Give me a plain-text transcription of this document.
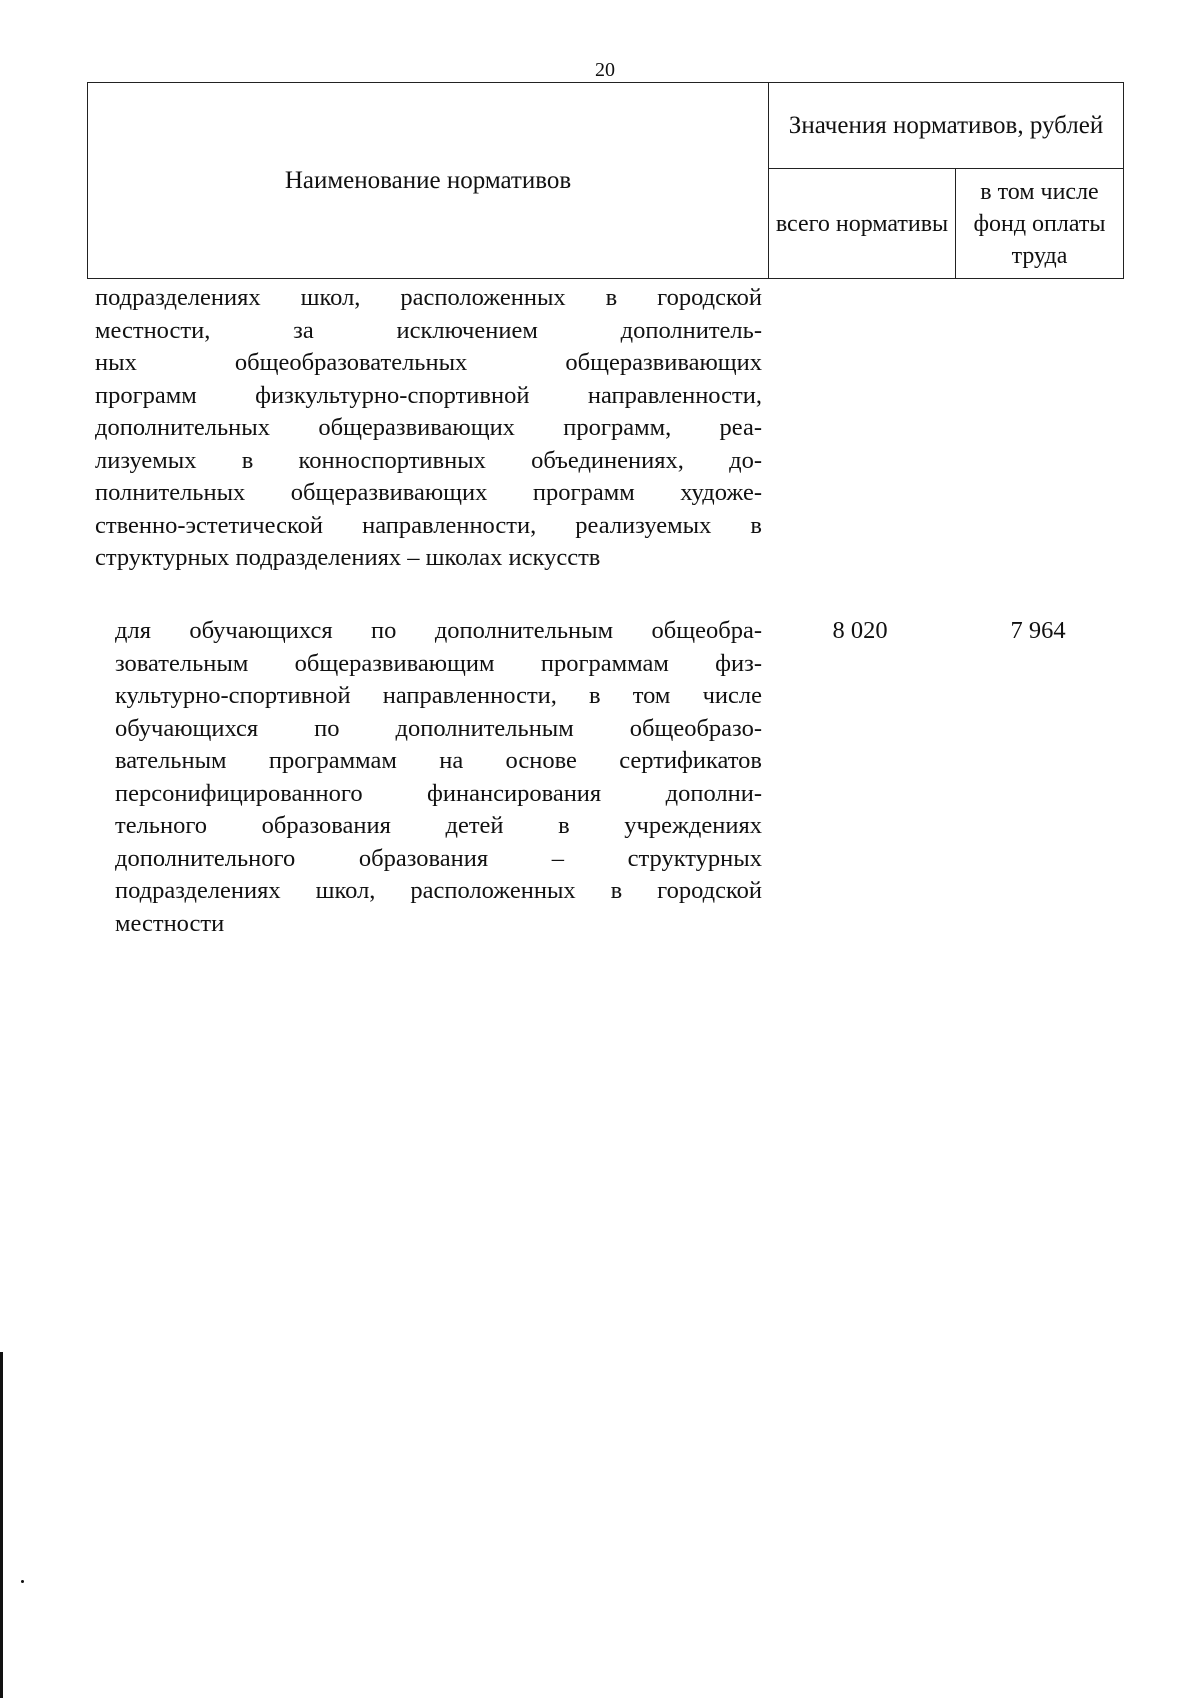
20
Наименование нормативов
Значения нормативов, рублей
всего нормативы
в том числе фонд оплаты труда
подразделениях школ, расположенных в городской
местности, за исключением дополнитель-
ных общеобразовательных общеразвивающих
программ физкультурно-спортивной направленности,
дополнительных общеразвивающих программ, реа-
лизуемых в конноспортивных объединениях, до-
полнительных общеразвивающих программ художе-
ственно-эстетической направленности, реализуемых в
структурных подразделениях – школах искусств
для обучающихся по дополнительным общеобра-
зовательным общеразвивающим программам физ-
культурно-спортивной направленности, в том числе
обучающихся по дополнительным общеобразо-
вательным программам на основе сертификатов
персонифицированного финансирования дополни-
тельного образования детей в учреждениях
дополнительного образования – структурных
подразделениях школ, расположенных в городской
местности
8 020	7 964
